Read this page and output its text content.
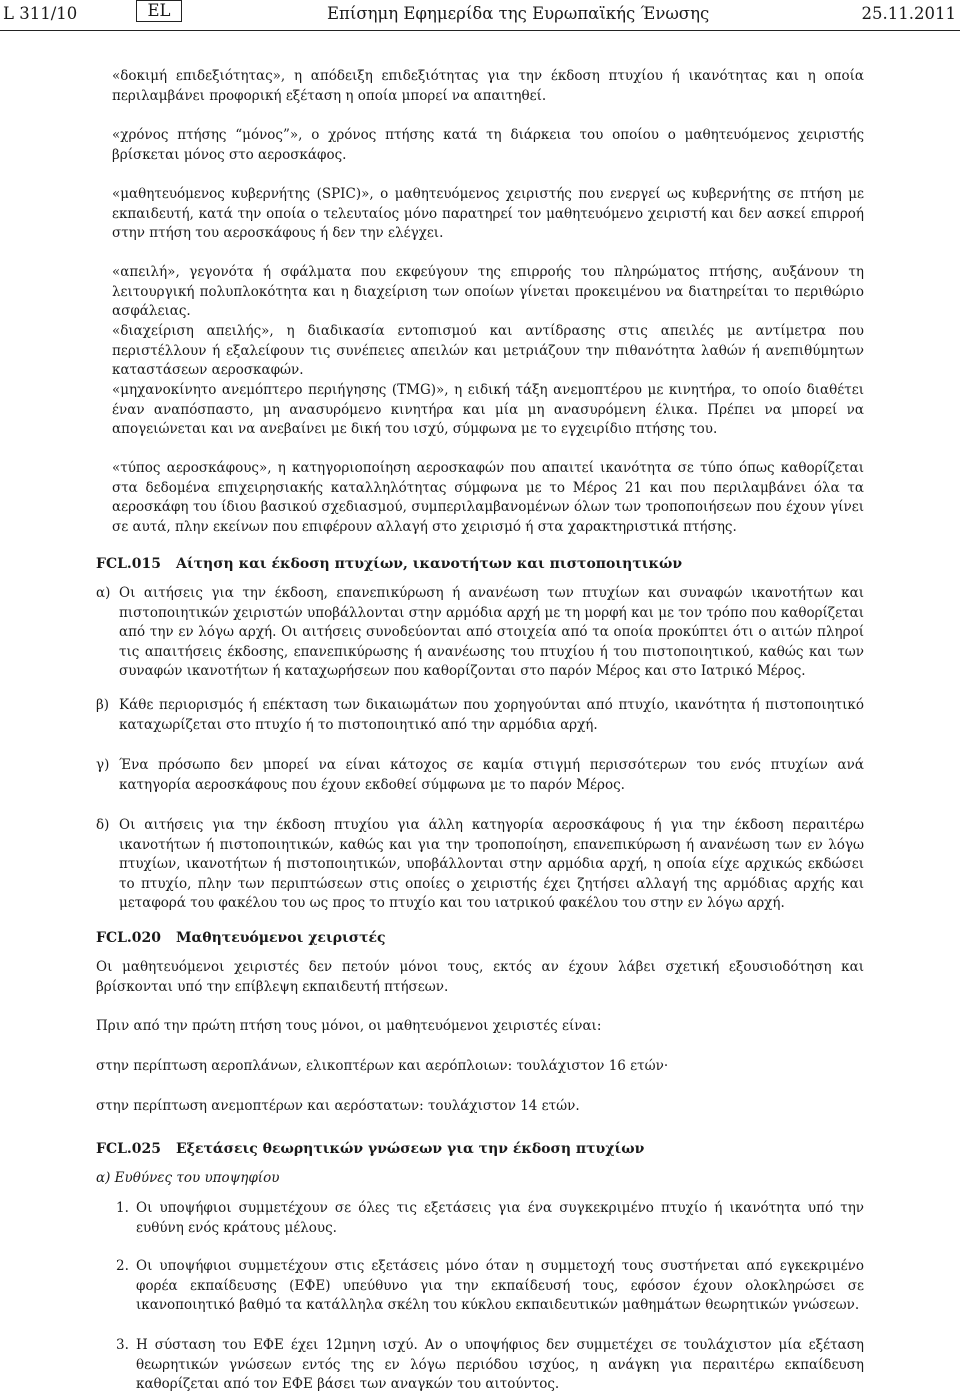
L 311/10	EL	Επίσημη Εφημερίδα της Ευρωπαϊκής Ένωσης	25.11.2011
«δοκιμή επιδεξιότητας», η απόδειξη επιδεξιότητας για την έκδοση πτυχίου ή ικανότητας και η οποία περιλαμβάνει προφορική εξέταση η οποία μπορεί να απαιτηθεί.
«χρόνος πτήσης “μόνος”», ο χρόνος πτήσης κατά τη διάρκεια του οποίου ο μαθητευόμενος χειριστής βρίσκεται μόνος στο αεροσκάφος.
«μαθητευόμενος κυβερνήτης (SPIC)», ο μαθητευόμενος χειριστής που ενεργεί ως κυβερνήτης σε πτήση με εκπαιδευτή, κατά την οποία ο τελευταίος μόνο παρατηρεί τον μαθητευόμενο χειριστή και δεν ασκεί επιρροή στην πτήση του αεροσκάφους ή δεν την ελέγχει.
«απειλή», γεγονότα ή σφάλματα που εκφεύγουν της επιρροής του πληρώματος πτήσης, αυξάνουν τη λειτουργική πολυπλοκότητα και η διαχείριση των οποίων γίνεται προκειμένου να διατηρείται το περιθώριο ασφάλειας.
«διαχείριση απειλής», η διαδικασία εντοπισμού και αντίδρασης στις απειλές με αντίμετρα που περιστέλλουν ή εξαλείφουν τις συνέπειες απειλών και μετριάζουν την πιθανότητα λαθών ή ανεπιθύμητων καταστάσεων αεροσκαφών.
«μηχανοκίνητο ανεμόπτερο περιήγησης (TMG)», η ειδική τάξη ανεμοπτέρου με κινητήρα, το οποίο διαθέτει έναν αναπόσπαστο, μη ανασυρόμενο κινητήρα και μία μη ανασυρόμενη έλικα. Πρέπει να μπορεί να απογειώνεται και να ανεβαίνει με δική του ισχύ, σύμφωνα με το εγχειρίδιο πτήσης του.
«τύπος αεροσκάφους», η κατηγοριοποίηση αεροσκαφών που απαιτεί ικανότητα σε τύπο όπως καθορίζεται στα δεδομένα επιχειρησιακής καταλληλότητας σύμφωνα με το Μέρος 21 και που περιλαμβάνει όλα τα αεροσκάφη του ίδιου βασικού σχεδιασμού, συμπεριλαμβανομένων όλων των τροποποιήσεων που έχουν γίνει σε αυτά, πλην εκείνων που επιφέρουν αλλαγή στο χειρισμό ή στα χαρακτηριστικά πτήσης.
FCL.015 Αίτηση και έκδοση πτυχίων, ικανοτήτων και πιστοποιητικών
α) Οι αιτήσεις για την έκδοση, επανεπικύρωση ή ανανέωση των πτυχίων και συναφών ικανοτήτων και πιστοποιητικών χειριστών υποβάλλονται στην αρμόδια αρχή με τη μορφή και με τον τρόπο που καθορίζεται από την εν λόγω αρχή. Οι αιτήσεις συνοδεύονται από στοιχεία από τα οποία προκύπτει ότι ο αιτών πληροί τις απαιτήσεις έκδοσης, επανεπικύρωσης ή ανανέωσης του πτυχίου ή του πιστοποιητικού, καθώς και των συναφών ικανοτήτων ή καταχωρήσεων που καθορίζονται στο παρόν Μέρος και στο Ιατρικό Μέρος.
β) Κάθε περιορισμός ή επέκταση των δικαιωμάτων που χορηγούνται από πτυχίο, ικανότητα ή πιστοποιητικό καταχωρίζεται στο πτυχίο ή το πιστοποιητικό από την αρμόδια αρχή.
γ) Ένα πρόσωπο δεν μπορεί να είναι κάτοχος σε καμία στιγμή περισσότερων του ενός πτυχίων ανά κατηγορία αεροσκάφους που έχουν εκδοθεί σύμφωνα με το παρόν Μέρος.
δ) Οι αιτήσεις για την έκδοση πτυχίου για άλλη κατηγορία αεροσκάφους ή για την έκδοση περαιτέρω ικανοτήτων ή πιστοποιητικών, καθώς και για την τροποποίηση, επανεπικύρωση ή ανανέωση των εν λόγω πτυχίων, ικανοτήτων ή πιστοποιητικών, υποβάλλονται στην αρμόδια αρχή, η οποία είχε αρχικώς εκδώσει το πτυχίο, πλην των περιπτώσεων στις οποίες ο χειριστής έχει ζητήσει αλλαγή της αρμόδιας αρχής και μεταφορά του φακέλου του ως προς το πτυχίο και του ιατρικού φακέλου του στην εν λόγω αρχή.
FCL.020 Μαθητευόμενοι χειριστές
Οι μαθητευόμενοι χειριστές δεν πετούν μόνοι τους, εκτός αν έχουν λάβει σχετική εξουσιοδότηση και βρίσκονται υπό την επίβλεψη εκπαιδευτή πτήσεων.
Πριν από την πρώτη πτήση τους μόνοι, οι μαθητευόμενοι χειριστές είναι:
στην περίπτωση αεροπλάνων, ελικοπτέρων και αερόπλοιων: τουλάχιστον 16 ετών·
στην περίπτωση ανεμοπτέρων και αερόστατων: τουλάχιστον 14 ετών.
FCL.025 Εξετάσεις θεωρητικών γνώσεων για την έκδοση πτυχίων
α) Ευθύνες του υποψηφίου
1. Οι υποψήφιοι συμμετέχουν σε όλες τις εξετάσεις για ένα συγκεκριμένο πτυχίο ή ικανότητα υπό την ευθύνη ενός κράτους μέλους.
2. Οι υποψήφιοι συμμετέχουν στις εξετάσεις μόνο όταν η συμμετοχή τους συστήνεται από εγκεκριμένο φορέα εκπαίδευσης (ΕΦΕ) υπεύθυνο για την εκπαίδευσή τους, εφόσον έχουν ολοκληρώσει σε ικανοποιητικό βαθμό τα κατάλληλα σκέλη του κύκλου εκπαιδευτικών μαθημάτων θεωρητικών γνώσεων.
3. Η σύσταση του ΕΦΕ έχει 12μηνη ισχύ. Αν ο υποψήφιος δεν συμμετέχει σε τουλάχιστον μία εξέταση θεωρητικών γνώσεων εντός της εν λόγω περιόδου ισχύος, η ανάγκη για περαιτέρω εκπαίδευση καθορίζεται από τον ΕΦΕ βάσει των αναγκών του αιτούντος.
